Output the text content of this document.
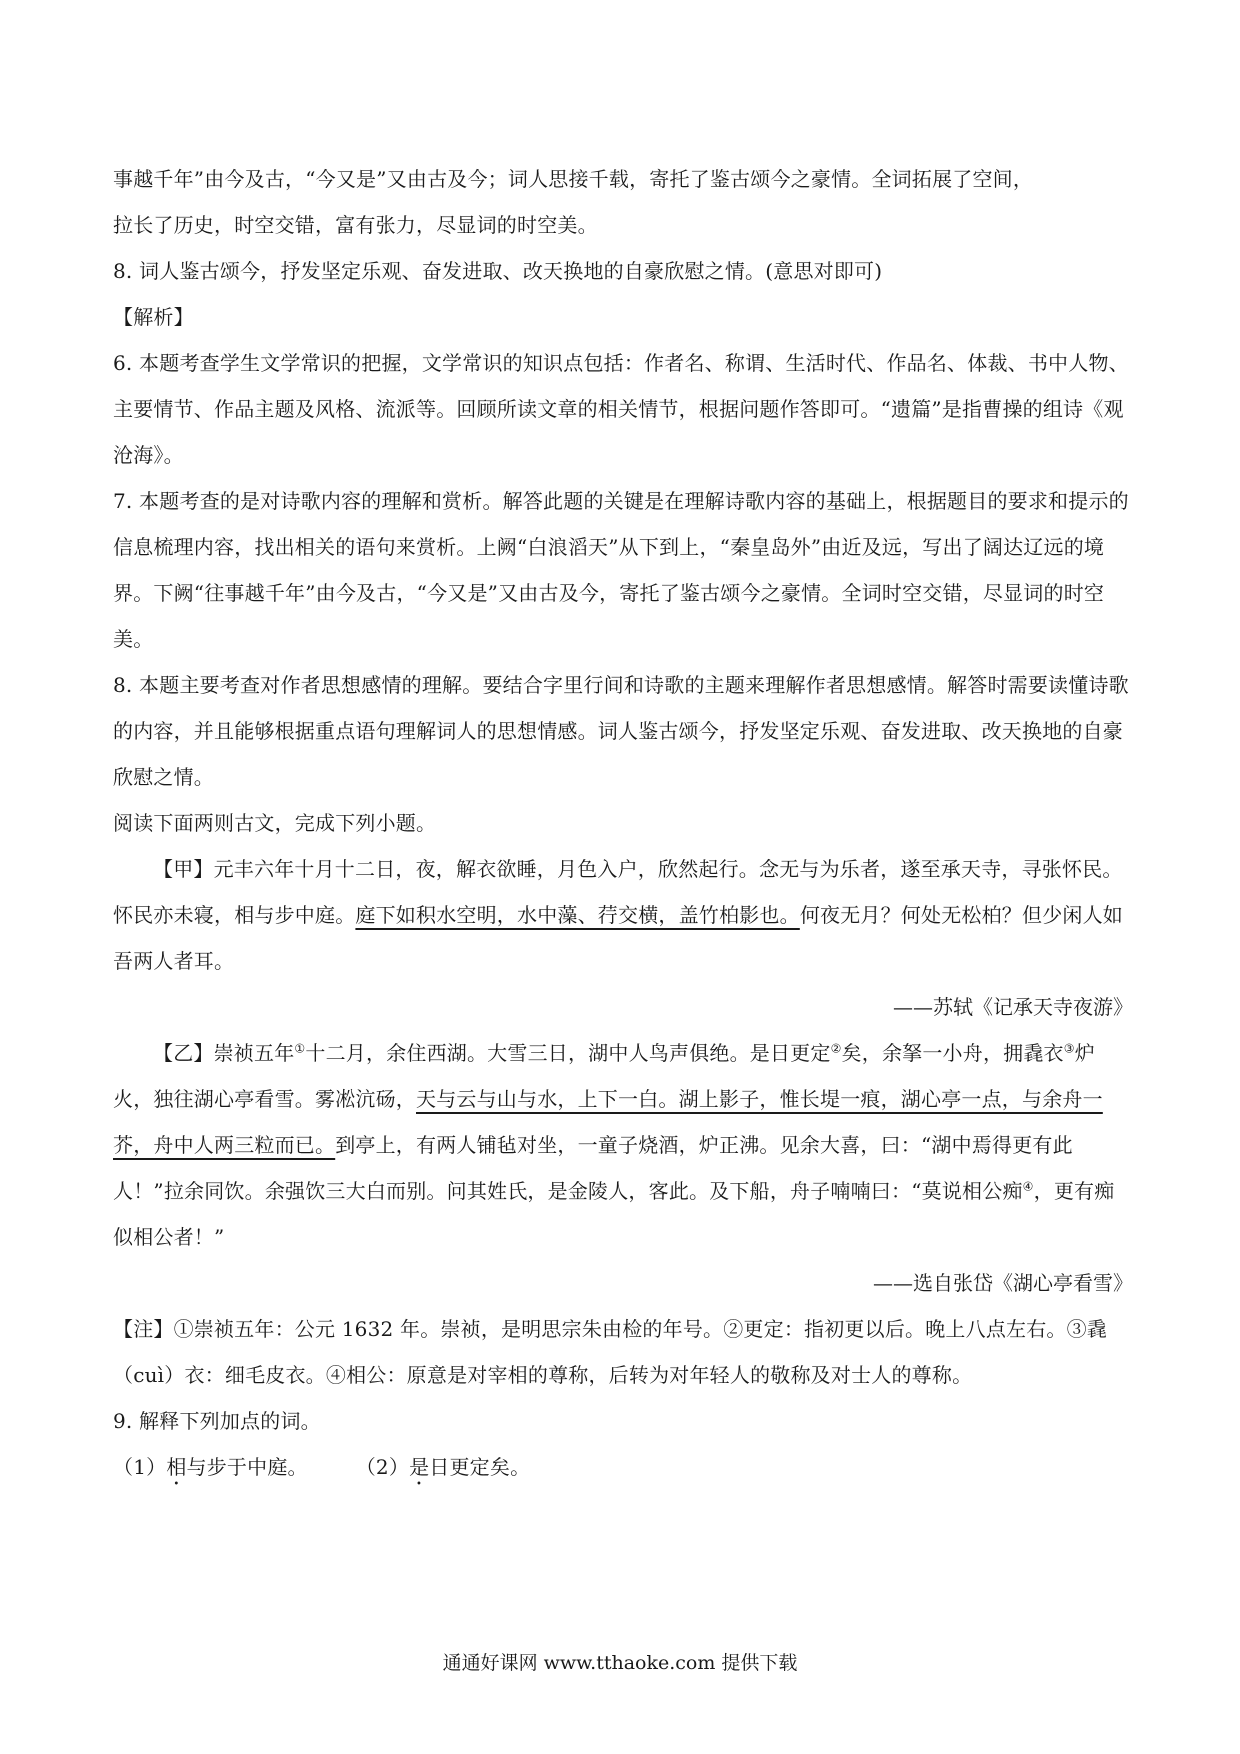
事越千年”由今及古，“今又是”又由古及今；词人思接千载，寄托了鉴古颂今之豪情。全词拓展了空间，

拉长了历史，时空交错，富有张力，尽显词的时空美。

8. 词人鉴古颂今，抒发坚定乐观、奋发进取、改天换地的自豪欣慰之情。(意思对即可)

【解析】

6. 本题考查学生文学常识的把握，文学常识的知识点包括：作者名、称谓、生活时代、作品名、体裁、书中人物、主要情节、作品主题及风格、流派等。回顾所读文章的相关情节，根据问题作答即可。“遗篇”是指曹操的组诗《观沧海》。

7. 本题考查的是对诗歌内容的理解和赏析。解答此题的关键是在理解诗歌内容的基础上，根据题目的要求和提示的信息梳理内容，找出相关的语句来赏析。上阙“白浪滔天”从下到上，“秦皇岛外”由近及远，写出了阔达辽远的境界。下阙“往事越千年”由今及古，“今又是”又由古及今，寄托了鉴古颂今之豪情。全词时空交错，尽显词的时空美。

8. 本题主要考查对作者思想感情的理解。要结合字里行间和诗歌的主题来理解作者思想感情。解答时需要读懂诗歌的内容，并且能够根据重点语句理解词人的思想情感。词人鉴古颂今，抒发坚定乐观、奋发进取、改天换地的自豪欣慰之情。

阅读下面两则古文，完成下列小题。

【甲】元丰六年十月十二日，夜，解衣欲睡，月色入户，欣然起行。念无与为乐者，遂至承天寺，寻张怀民。怀民亦未寝，相与步中庭。庭下如积水空明，水中藻、荇交横，盖竹柏影也。何夜无月？何处无松柏？但少闲人如吾两人者耳。

——苏轼《记承天寺夜游》

【乙】崇祯五年①十二月，余住西湖。大雪三日，湖中人鸟声俱绝。是日更定②矣，余拏一小舟，拥毳衣③炉火，独往湖心亭看雪。雾凇沆砀，天与云与山与水，上下一白。湖上影子，惟长堤一痕，湖心亭一点，与余舟一芥，舟中人两三粒而已。到亭上，有两人铺毡对坐，一童子烧酒，炉正沸。见余大喜，曰：“湖中焉得更有此人！”拉余同饮。余强饮三大白而别。问其姓氏，是金陵人，客此。及下船，舟子喃喃曰：“莫说相公痴④，更有痴似相公者！”

——选自张岱《湖心亭看雪》

【注】①崇祯五年：公元 1632 年。崇祯，是明思宗朱由检的年号。②更定：指初更以后。晚上八点左右。③毳（cuì）衣：细毛皮衣。④相公：原意是对宰相的尊称，后转为对年轻人的敬称及对士人的尊称。

9. 解释下列加点的词。

（1）相与步于中庭。 （2）是日更定矣。

通通好课网 www.tthaoke.com 提供下载
